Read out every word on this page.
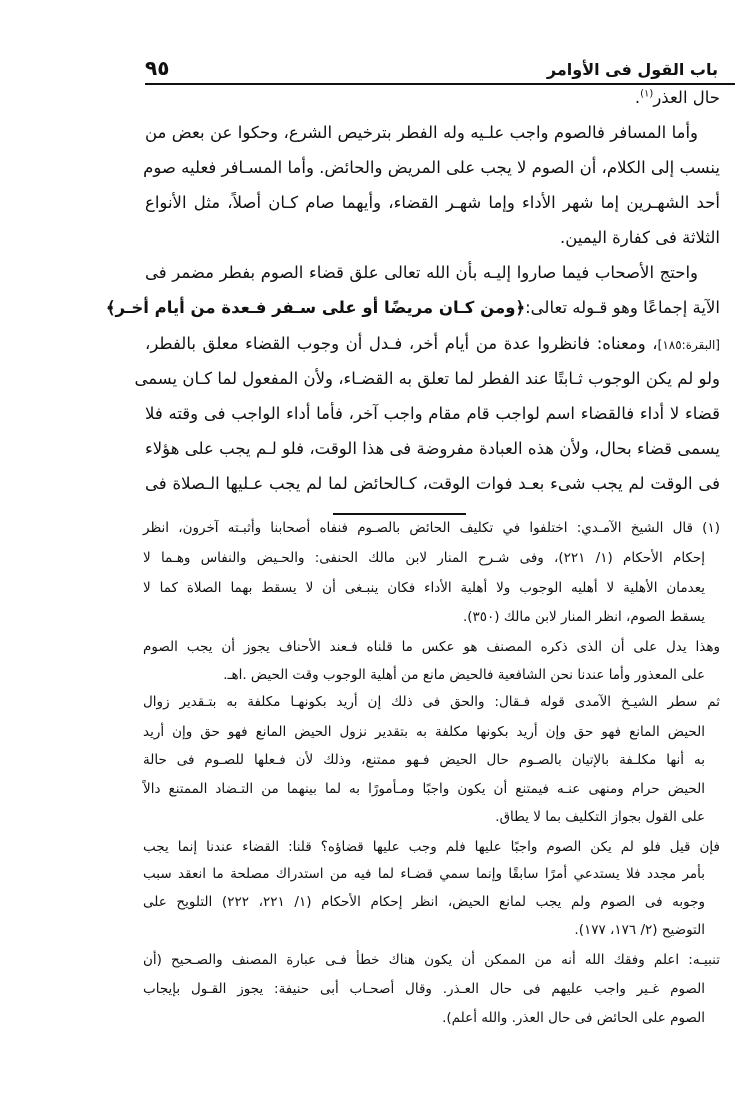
باب القول فى الأوامر
٩٥
حال العذر$^{(١)}$.
وأما المسافر فالصوم واجب علـيه وله الفطر بترخيص الشرع، وحكوا عن بعض من
ينسب إلى الكلام، أن الصوم لا يجب على المريض والحائض. وأما المسـافر فعليه صوم
أحد الشهـرين إما شهر الأداء وإما شهـر القضاء، وأيهما صام كـان أصلاً، مثل الأنواع
الثلاثة فى كفارة اليمين.
واحتج الأصحاب فيما صاروا إليـه بأن الله تعالى علق قضاء الصوم بفطر مضمر فى
الآية إجماعًا وهو قـوله تعالى:
﴿ومن كـان مريضًا أو على سـفر فـعدة من أيام أخـر﴾
[البقرة:١٨٥]
، ومعناه: فانظروا عدة من أيام أخر، فـدل أن وجوب القضاء معلق بالفطر،
ولو لم يكن الوجوب ثـابتًا عند الفطر لما تعلق به القضـاء، ولأن المفعول لما كـان يسمى
قضاء لا أداء فالقضاء اسم لواجب قام مقام واجب آخر، فأما أداء الواجب فى وقته فلا
يسمى قضاء بحال، ولأن هذه العبادة مفروضة فى هذا الوقت، فلو لـم يجب على هؤلاء
فى الوقت لم يجب شىء بعـد فوات الوقت، كـالحائض لما لم يجب عـليها الـصلاة فى
(١) قال الشيخ الآمـدي: اختلفوا في تكليف الحائض بالصـوم فنفاه أصحابنا وأثبـته آخرون، انظر
إحكام الأحكام (١/ ٢٢١)، وفى شـرح المنار لابن مالك الحنفى: والحـيض والنفاس وهـما لا
يعدمان الأهلية لا أهليه الوجوب ولا أهلية الأداء فكان ينبـغى أن لا يسقط بهما الصلاة كما لا
يسقط الصوم، انظر المنار لابن مالك (٣٥٠).
وهذا يدل على أن الذى ذكره المصنف هو عكس ما قلناه فـعند الأحناف يجوز أن يجب الصوم
على المعذور وأما عندنا نحن الشافعية فالحيض مانع من أهلية الوجوب وقت الحيض .اهـ.
ثم سطر الشيـخ الآمدى قوله فـقال: والحق فى ذلك إن أريد بكونهـا مكلفة به بتـقدير زوال
الحيض المانع فهو حق وإن أريد بكونها مكلفة به بتقدير نزول الحيض المانع فهو حق وإن أريد
به أنها مكلـفة بالإتيان بالصـوم حال الحيض فـهو ممتنع، وذلك لأن فـعلها للصـوم فى حالة
الحيض حرام ومنهى عنـه فيمتنع أن يكون واجبًا ومـأمورًا به لما بينهما من التـضاد الممتنع دالاً
على القول بجواز التكليف بما لا يطاق.
فإن قيل فلو لم يكن الصوم واجبًا عليها فلم وجب عليها قضاؤه؟ قلنا: القضاء عندنا إنما يجب
بأمر مجدد فلا يستدعي أمرًا سابقًا وإنما سمي قضـاء لما فيه من استدراك مصلحة ما انعقد سبب
وجوبه فى الصوم ولم يجب لمانع الحيض، انظر إحكام الأحكام (١/ ٢٢١، ٢٢٢) التلويح على
التوضيح (٢/ ١٧٦، ١٧٧).
تنبيـه: اعلم وفقك الله أنه من الممكن أن يكون هناك خطأ فـى عبارة المصنف والصـحيح (أن
الصوم غـير واجب عليهم فى حال العـذر. وقال أصحـاب أبى حنيفة: يجوز القـول بإيجاب
الصوم على الحائض فى حال العذر. والله أعلم).
